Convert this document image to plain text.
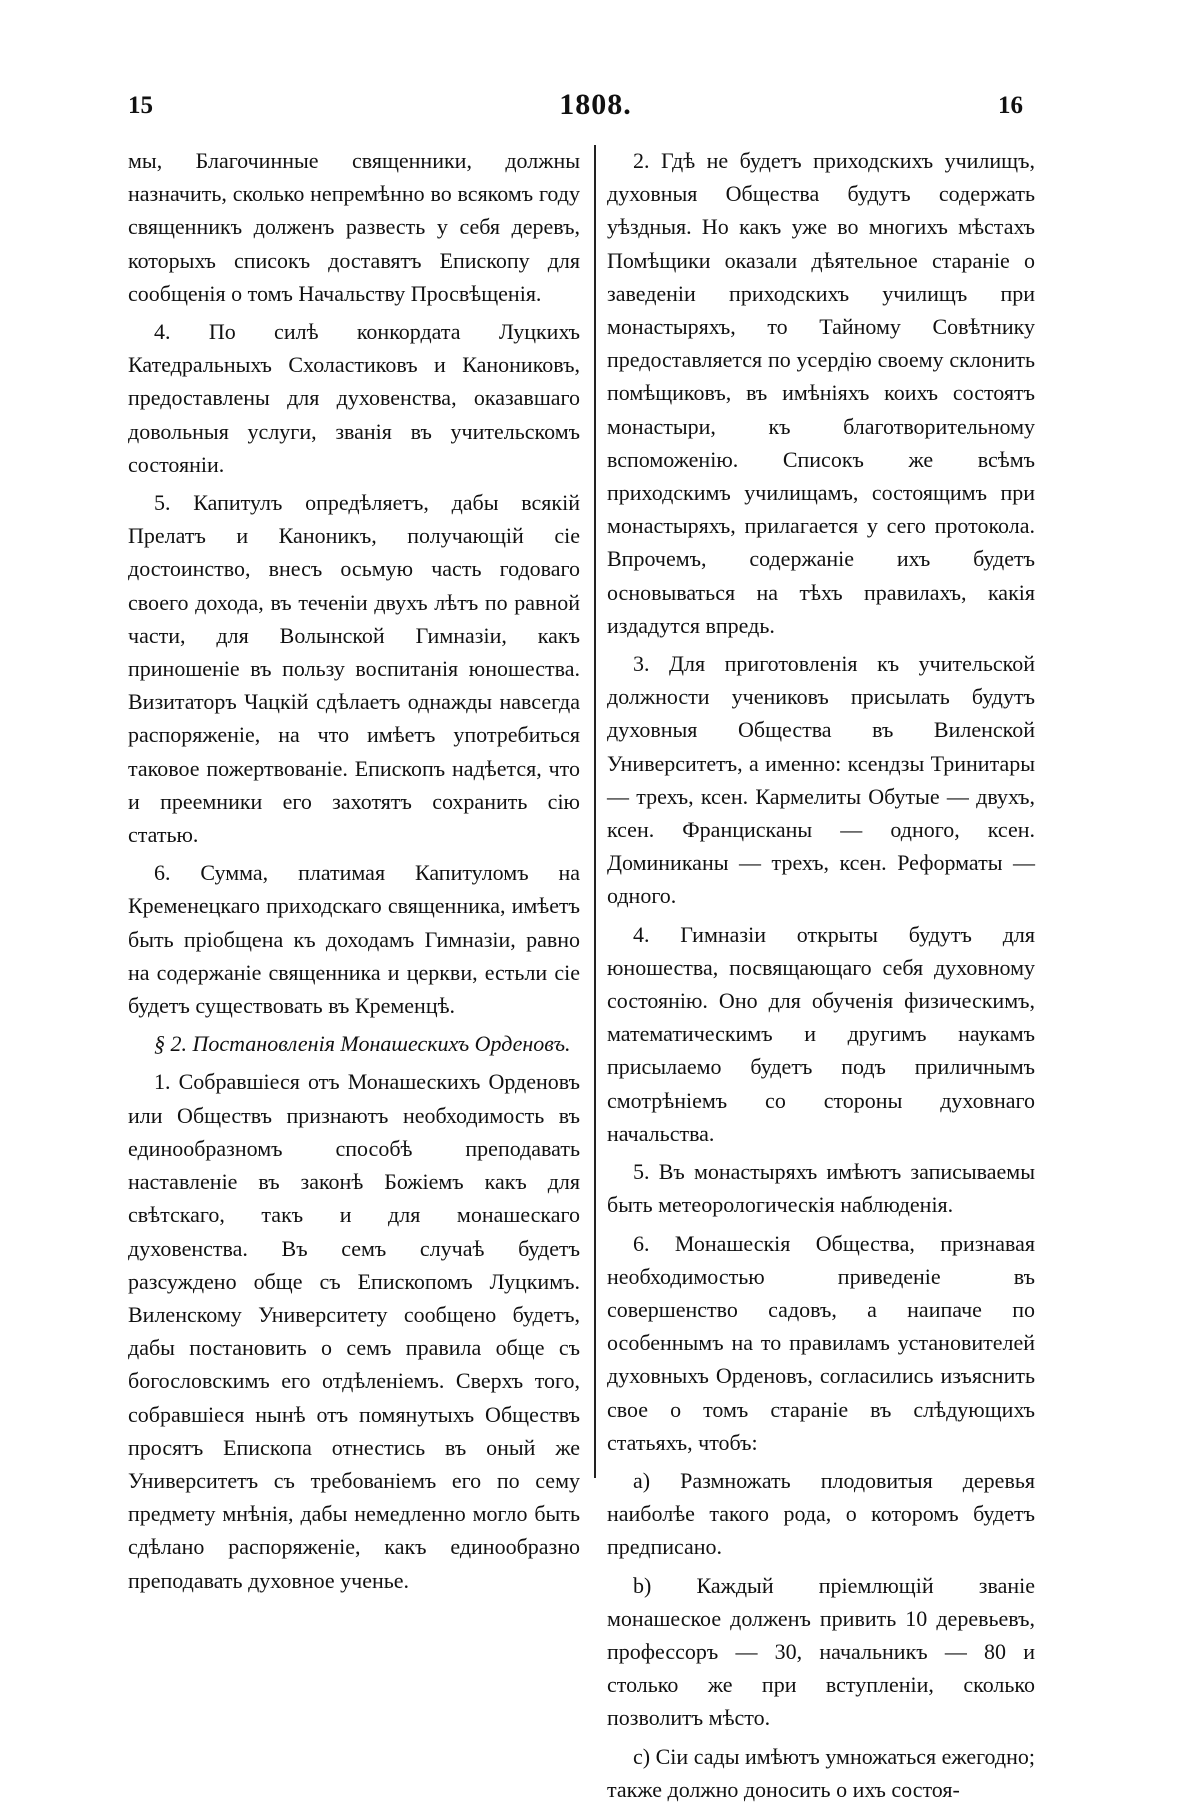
15	1808.	16

мы, Благочинные священники, должны назначить, сколько непремѣнно во всякомъ году священникъ долженъ развесть у себя деревъ, которыхъ списокъ доставятъ Епископу для сообщенія о томъ Начальству Просвѣщенія.

4. По силѣ конкордата Луцкихъ Катедральныхъ Схоластиковъ и Канониковъ, предоставлены для духовенства, оказавшаго довольныя услуги, званія въ учительскомъ состояніи.

5. Капитулъ опредѣляетъ, дабы всякій Прелатъ и Каноникъ, получающій сіе достоинство, внесъ осьмую часть годоваго своего дохода, въ теченіи двухъ лѣтъ по равной части, для Волынской Гимназіи, какъ приношеніе въ пользу воспитанія юношества. Визитаторъ Чацкій сдѣлаетъ однажды навсегда распоряженіе, на что имѣетъ употребиться таковое пожертвованіе. Епископъ надѣется, что и преемники его захотятъ сохранить сію статью.

6. Сумма, платимая Капитуломъ на Кременецкаго приходскаго священника, имѣетъ быть пріобщена къ доходамъ Гимназіи, равно на содержаніе священника и церкви, естьли сіе будетъ существовать въ Кременцѣ.

§ 2. Постановленія Монашескихъ Орденовъ.

1. Собравшіеся отъ Монашескихъ Орденовъ или Обществъ признаютъ необходимость въ единообразномъ способѣ преподавать наставленіе въ законѣ Божіемъ какъ для свѣтскаго, такъ и для монашескаго духовенства. Въ семъ случаѣ будетъ разсуждено обще съ Епископомъ Луцкимъ. Виленскому Университету сообщено будетъ, дабы постановить о семъ правила обще съ богословскимъ его отдѣленіемъ. Сверхъ того, собравшіеся нынѣ отъ помянутыхъ Обществъ просятъ Епископа отнестись въ оный же Университетъ съ требованіемъ его по сему предмету мнѣнія, дабы немедленно могло быть сдѣлано распоряженіе, какъ единообразно преподавать духовное ученье.

2. Гдѣ не будетъ приходскихъ училищъ, духовныя Общества будутъ содержать уѣздныя. Но какъ уже во многихъ мѣстахъ Помѣщики оказали дѣятельное стараніе о заведеніи приходскихъ училищъ при монастыряхъ, то Тайному Совѣтнику предоставляется по усердію своему склонить помѣщиковъ, въ имѣніяхъ коихъ состоятъ монастыри, къ благотворительному вспоможенію. Списокъ же всѣмъ приходскимъ училищамъ, состоящимъ при монастыряхъ, прилагается у сего протокола. Впрочемъ, содержаніе ихъ будетъ основываться на тѣхъ правилахъ, какія издадутся впредь.

3. Для приготовленія къ учительской должности учениковъ присылать будутъ духовныя Общества въ Виленской Университетъ, а именно: ксендзы Тринитары — трехъ, ксен. Кармелиты Обутые — двухъ, ксен. Францисканы — одного, ксен. Доминиканы — трехъ, ксен. Реформаты — одного.

4. Гимназіи открыты будутъ для юношества, посвящающаго себя духовному состоянію. Оно для обученія физическимъ, математическимъ и другимъ наукамъ присылаемо будетъ подъ приличнымъ смотрѣніемъ со стороны духовнаго начальства.

5. Въ монастыряхъ имѣютъ записываемы быть метеорологическія наблюденія.

6. Монашескія Общества, признавая необходимостью приведеніе въ совершенство садовъ, а наипаче по особеннымъ на то правиламъ установителей духовныхъ Орденовъ, согласились изъяснить свое о томъ стараніе въ слѣдующихъ статьяхъ, чтобъ:

а) Размножать плодовитыя деревья наиболѣе такого рода, о которомъ будетъ предписано.

b) Каждый пріемлющій званіе монашеское долженъ привить 10 деревьевъ, профессоръ — 30, начальникъ — 80 и столько же при вступленіи, сколько позволитъ мѣсто.

с) Сіи сады имѣютъ умножаться ежегодно; также должно доносить о ихъ состоя-
